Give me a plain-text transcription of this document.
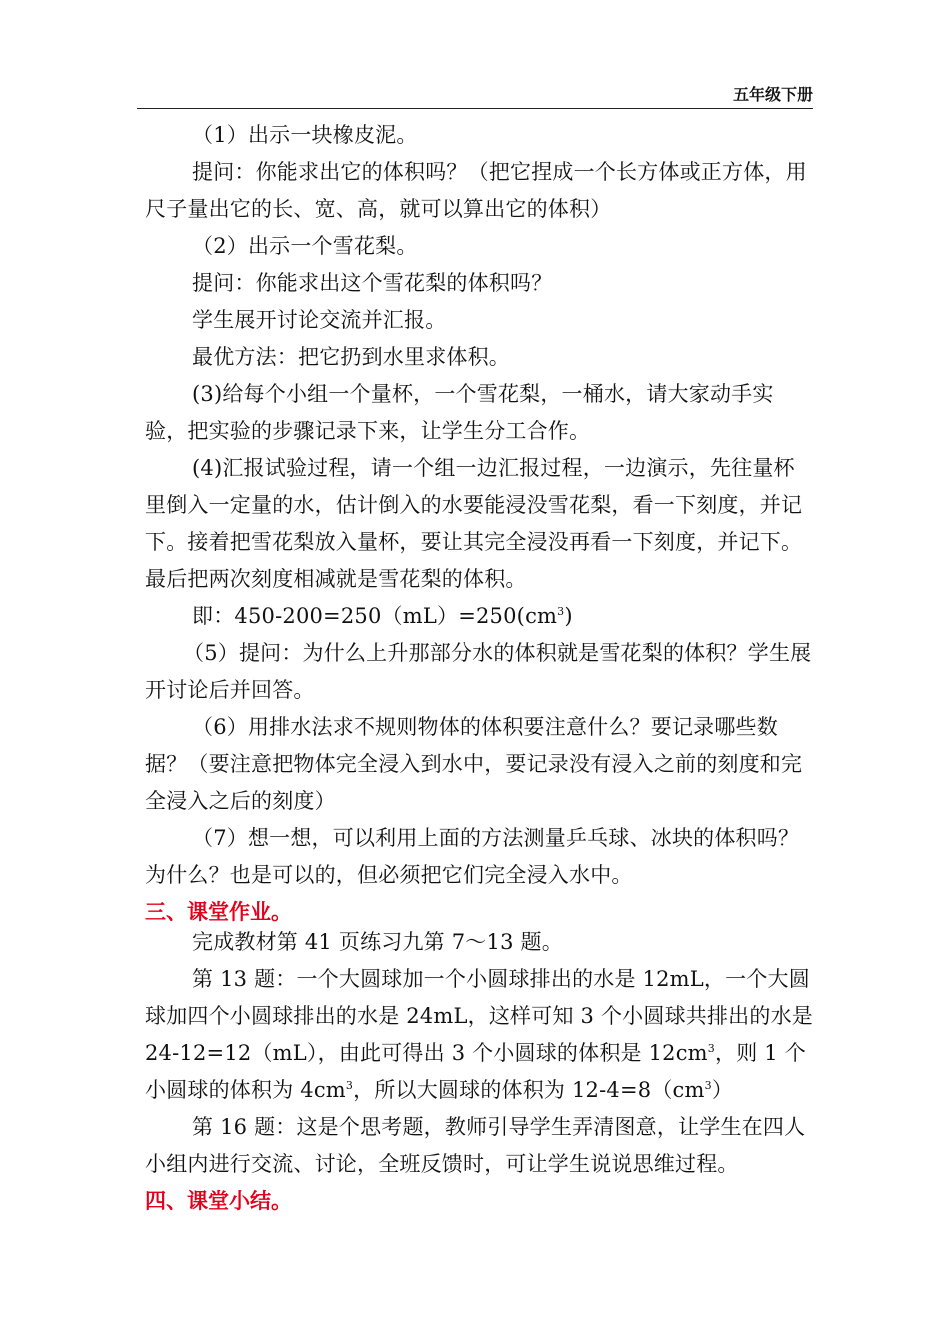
五年级下册

（1）出示一块橡皮泥。

提问：你能求出它的体积吗？（把它捏成一个长方体或正方体，用尺子量出它的长、宽、高，就可以算出它的体积）

（2）出示一个雪花梨。

提问：你能求出这个雪花梨的体积吗？

学生展开讨论交流并汇报。

最优方法：把它扔到水里求体积。

(3)给每个小组一个量杯，一个雪花梨，一桶水，请大家动手实验，把实验的步骤记录下来，让学生分工合作。

(4)汇报试验过程，请一个组一边汇报过程，一边演示，先往量杯里倒入一定量的水，估计倒入的水要能浸没雪花梨，看一下刻度，并记下。接着把雪花梨放入量杯，要让其完全浸没再看一下刻度，并记下。最后把两次刻度相减就是雪花梨的体积。

即：$450-200=250(mL)=250(cm^3)$

（5）提问：为什么上升那部分水的体积就是雪花梨的体积？学生展开讨论后并回答。

（6）用排水法求不规则物体的体积要注意什么？要记录哪些数据？（要注意把物体完全浸入到水中，要记录没有浸入之前的刻度和完全浸入之后的刻度）

（7）想一想，可以利用上面的方法测量乒乓球、冰块的体积吗？为什么？也是可以的，但必须把它们完全浸入水中。

三、课堂作业。

完成教材第 41 页练习九第 7～13 题。

第 13 题：一个大圆球加一个小圆球排出的水是 12mL，一个大圆球加四个小圆球排出的水是 24mL，这样可知 3 个小圆球共排出的水是 24-12=12（mL），由此可得出 3 个小圆球的体积是 $12cm^3$，则 1 个小圆球的体积为 $4cm^3$，所以大圆球的体积为 $12-4=8(cm^3)$

第 16 题：这是个思考题，教师引导学生弄清图意，让学生在四人小组内进行交流、讨论，全班反馈时，可让学生说说思维过程。

四、课堂小结。
